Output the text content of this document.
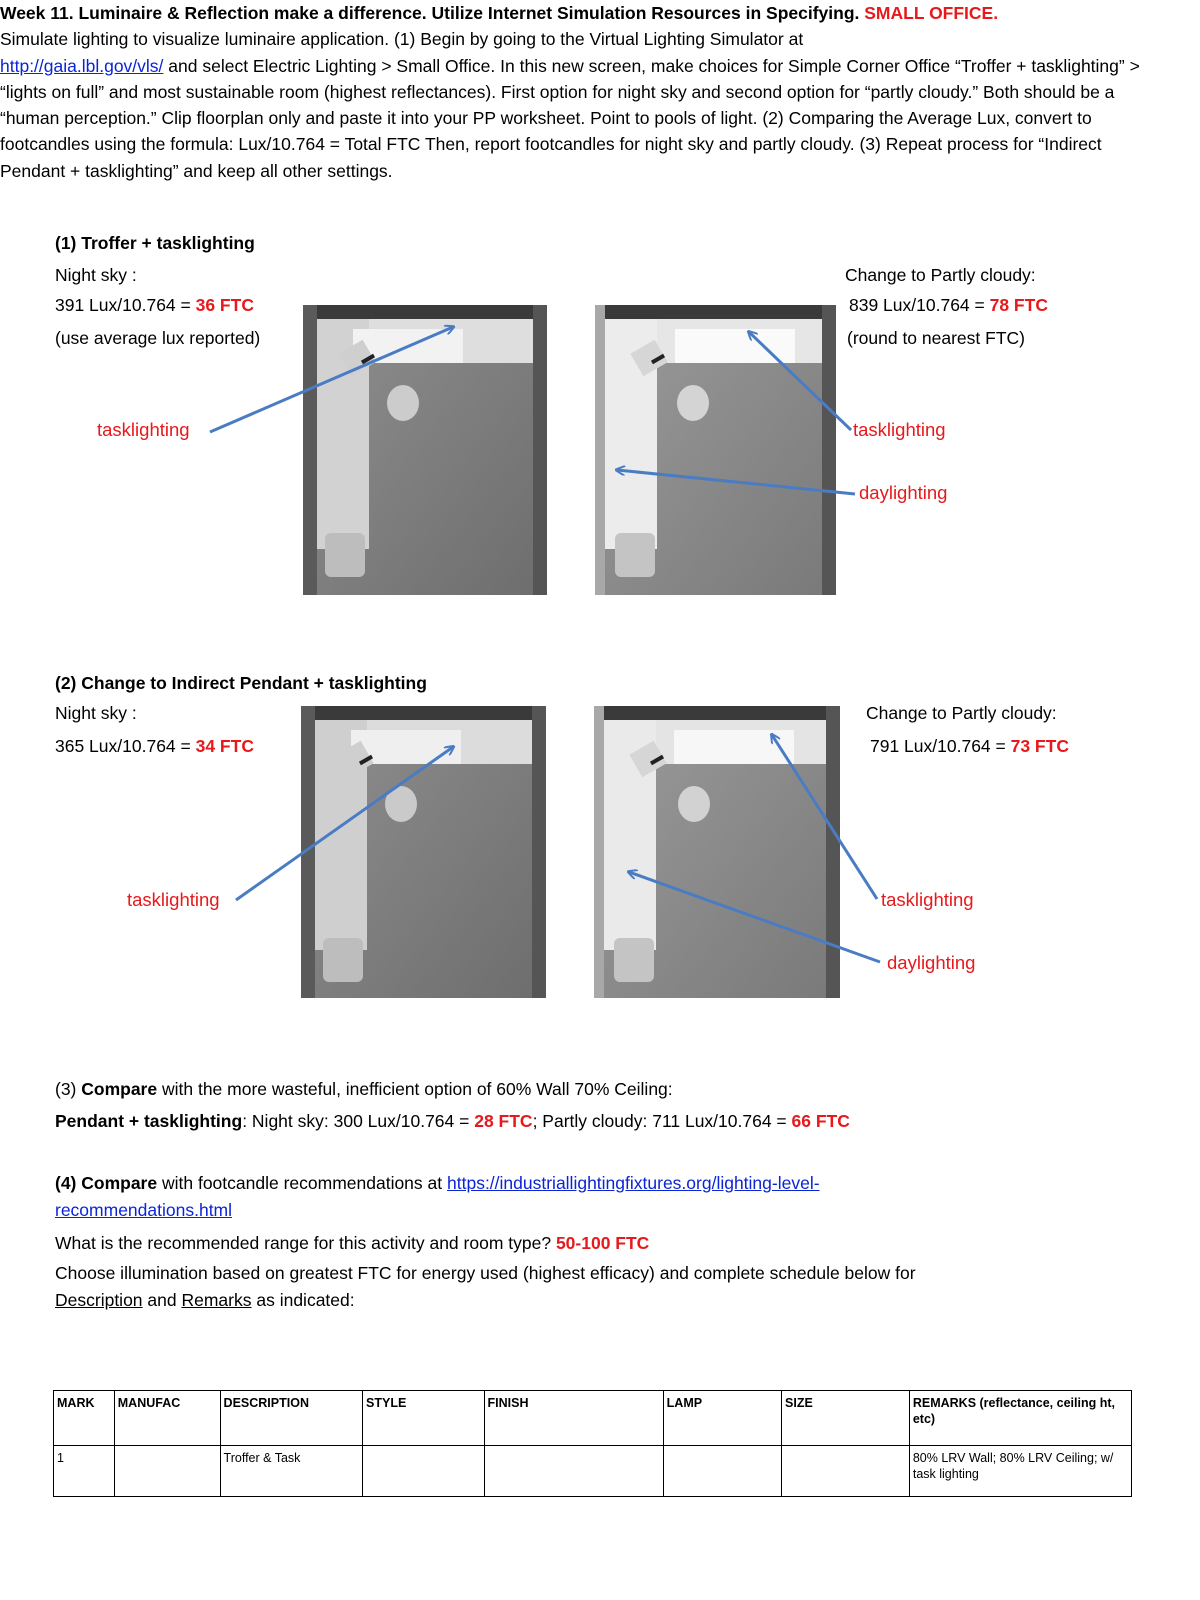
Week 11. Luminaire & Reflection make a difference. Utilize Internet Simulation Resources in Specifying. SMALL OFFICE.
Simulate lighting to visualize luminaire application. (1) Begin by going to the Virtual Lighting Simulator at
http://gaia.lbl.gov/vls/ and select Electric Lighting > Small Office. In this new screen, make choices for Simple Corner Office “Troffer + tasklighting” > “lights on full” and most sustainable room (highest reflectances). First option for night sky and second option for “partly cloudy.” Both should be a “human perception.” Clip floorplan only and paste it into your PP worksheet. Point to pools of light. (2) Comparing the Average Lux, convert to footcandles using the formula: Lux/10.764 = Total FTC Then, report footcandles for night sky and partly cloudy. (3) Repeat process for “Indirect Pendant + tasklighting” and keep all other settings.
(1) Troffer + tasklighting
Night sky :
391 Lux/10.764 = 36 FTC
(use average lux reported)
Change to Partly cloudy:
839 Lux/10.764 = 78 FTC
(round to nearest FTC)
(2) Change to Indirect Pendant + tasklighting
Night sky :
365 Lux/10.764 = 34 FTC
Change to Partly cloudy:
791 Lux/10.764 = 73 FTC
tasklighting	tasklighting
daylighting
tasklighting	tasklighting
daylighting
(3) Compare with the more wasteful, inefficient option of 60% Wall 70% Ceiling:
Pendant + tasklighting: Night sky: 300 Lux/10.764 = 28 FTC; Partly cloudy: 711 Lux/10.764 = 66 FTC
(4) Compare with footcandle recommendations at https://industriallightingfixtures.org/lighting-level-
recommendations.html
What is the recommended range for this activity and room type? 50-100 FTC
Choose illumination based on greatest FTC for energy used (highest efficacy) and complete schedule below for
Description and Remarks as indicated:
MARK	MANUFAC	DESCRIPTION	STYLE	FINISH	LAMP	SIZE	REMARKS (reflectance, ceiling ht, etc)
1		Troffer & Task					80% LRV Wall; 80% LRV Ceiling; w/ task lighting
